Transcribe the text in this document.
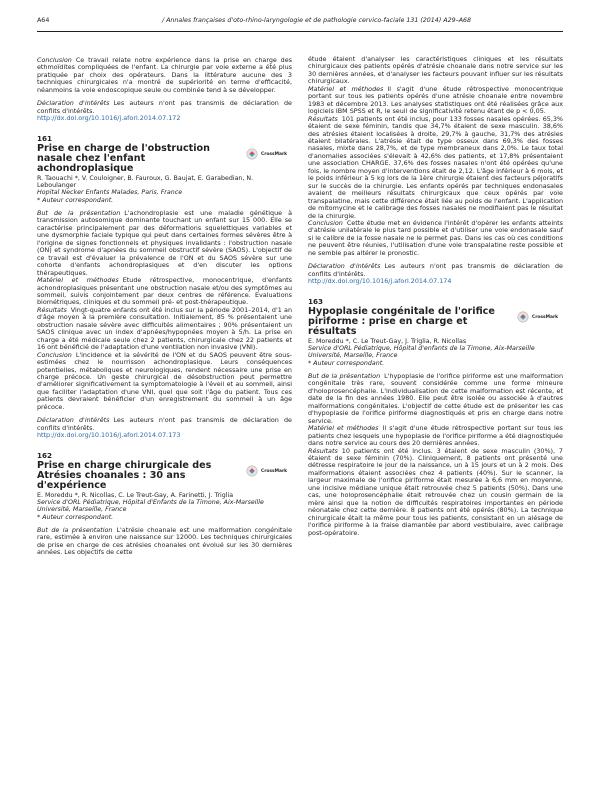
A64	/ Annales françaises d'oto-rhino-laryngologie et de pathologie cervico-faciale 131 (2014) A29–A68

Conclusion Ce travail relate notre expérience dans la prise en charge des ethmoïdites compliquées de l'enfant. La chirurgie par voie externe a été plus pratiquée par choix des opérateurs. Dans la littérature aucune des 3 techniques chirurgicales n'a montré de supériorité en terme d'efficacité, néanmoins la voie endoscopique seule ou combinée tend à se développer.

Déclaration d'intérêts Les auteurs n'ont pas transmis de déclaration de conflits d'intérêts.

http://dx.doi.org/10.1016/j.aforl.2014.07.172

161
Prise en charge de l'obstruction nasale chez l'enfant achondroplasique
CrossMark
R. Taouachi *, V. Couloigner, B. Fauroux, G. Baujat, E. Garabedian, N. Leboulanger
Hopital Necker Enfants Malades, Paris, France
* Auteur correspondant.

But de la présentation L'achondroplasie est une maladie génétique à transmission autosomique dominante touchant un enfant sur 15 000. Elle se caractérise principalement par des déformations squelettiques variables et une dysmorphie faciale typique qui peut dans certaines formes sévères être à l'origine de signes fonctionnels et physiques invalidants : l'obstruction nasale (ON) et syndrome d'apnées du sommeil obstructif sévère (SAOS). L'objectif de ce travail est d'évaluer la prévalence de l'ON et du SAOS sévère sur une cohorte d'enfants achondroplasiques et d'en discuter les options thérapeutiques.

Matériel et méthodes Etude rétrospective, monocentrique, d'enfants achondroplasiques présentant une obstruction nasale et/ou des symptômes au sommeil, suivis conjointement par deux centres de référence. Evaluations biométriques, cliniques et du sommeil pré- et post-thérapeutique.

Résultats Vingt-quatre enfants ont été inclus sur la période 2001–2014, d'1 an d'âge moyen à la première consultation. Initialement, 85 % présentaient une obstruction nasale sévère avec difficultés alimentaires ; 90% présentaient un SAOS clinique avec un index d'apnées/hypopnées moyen à 5/h. La prise en charge a été médicale seule chez 2 patients, chirurgicale chez 22 patients et 16 ont bénéficié de l'adaptation d'une ventilation non invasive (VNI).

Conclusion L'incidence et la sévérité de l'ON et du SAOS peuvent être sous-estimées chez le nourrisson achondroplasique. Leurs conséquences potentielles, métaboliques et neurologiques, rendent nécessaire une prise en charge précoce. Un geste chirurgical de désobstruction peut permettre d'améliorer significativement la symptomatologie à l'éveil et au sommeil, ainsi que faciliter l'adaptation d'une VNI, quel que soit l'âge du patient. Tous ces patients devraient bénéficier d'un enregistrement du sommeil à un âge précoce.

Déclaration d'intérêts Les auteurs n'ont pas transmis de déclaration de conflits d'intérêts.

http://dx.doi.org/10.1016/j.aforl.2014.07.173

162
Prise en charge chirurgicale des Atrésies choanales : 30 ans d'expérience
CrossMark
E. Moreddu *, R. Nicollas, C. Le Treut-Gay, A. Farinetti, J. Triglia
Service d'ORL Pédiatrique, Hôpital d'Enfants de la Timone, Aix-Marseille Université, Marseille, France
* Auteur correspondant.

But de la présentation L'atrésie choanale est une malformation congénitale rare, estimée à environ une naissance sur 12000. Les techniques chirurgicales de prise en charge de ces atrésies choanales ont évolué sur les 30 dernières années. Les objectifs de cette

étude étaient d'analyser les caractéristiques cliniques et les résultats chirurgicaux des patients opérés d'atrésie choanale dans notre service sur les 30 dernières années, et d'analyser les facteurs pouvant influer sur les résultats chirurgicaux.

Matériel et méthodes Il s'agit d'une étude rétrospective monocentrique portant sur tous les patients opérés d'une atrésie choanale entre novembre 1983 et décembre 2013. Les analyses statistiques ont été réalisées grâce aux logiciels IBM SPSS et R, le seuil de significativité retenu étant de p < 0,05.

Résultats 101 patients ont été inclus, pour 133 fosses nasales opérées. 65,3% étaient de sexe féminin, tandis que 34,7% étaient de sexe masculin. 38,6% des atrésies étaient localisées à droite, 29,7% à gauche, 31,7% des atrésies étaient bilatérales. L'atrésie était de type osseux dans 69,3% des fosses nasales, mixte dans 28,7%, et de type membraneux dans 2,0%. Le taux total d'anomalies associées s'élevait à 42,6% des patients, et 17,8% présentaient une association CHARGE. 37,6% des fosses nasales n'ont été opérées qu'une fois, le nombre moyen d'interventions était de 2,12. L'âge inférieur à 6 mois, et le poids inférieur à 5 kg lors de la 1ère chirurgie étaient des facteurs péjoratifs sur le succès de la chirurgie. Les enfants opérés par techniques endonasales avaient de meilleurs résultats chirurgicaux que ceux opérés par voie transpalatine, mais cette différence était liée au poids de l'enfant. L'application de mitomycine et le calibrage des fosses nasales ne modifiaient pas le résultat de la chirurgie.

Conclusion Cette étude met en évidence l'intérêt d'opérer les enfants atteints d'atrésie unilatérale le plus tard possible et d'utiliser une voie endonasale sauf si le calibre de la fosse nasale ne le permet pas. Dans les cas où ces conditions ne peuvent être réunies, l'utilisation d'une voie transpalatine reste possible et ne semble pas altérer le pronostic.

Déclaration d'intérêts Les auteurs n'ont pas transmis de déclaration de conflits d'intérêts.

http://dx.doi.org/10.1016/j.aforl.2014.07.174

163
Hypoplasie congénitale de l'orifice piriforme : prise en charge et résultats
CrossMark
E. Moreddu *, C. Le Treut-Gay, J. Triglia, R. Nicollas
Service d'ORL Pédiatrique, Hôpital d'enfants de la Timone, Aix-Marseille Université, Marseille, France
* Auteur correspondant.

But de la présentation L'hypoplasie de l'orifice piriforme est une malformation congénitale très rare, souvent considérée comme une forme mineure d'holoprosencéphalie. L'individualisation de cette malformation est récente, et date de la fin des années 1980. Elle peut être isolée ou associée à d'autres malformations congénitales. L'objectif de cette étude est de présenter les cas d'hypoplasie de l'orifice piriforme diagnostiqués et pris en charge dans notre service.

Matériel et méthodes Il s'agit d'une étude rétrospective portant sur tous les patients chez lesquels une hypoplasie de l'orifice piriforme a été diagnostiquée dans notre service au cours des 20 dernières années.

Résultats 10 patients ont été inclus. 3 étaient de sexe masculin (30%), 7 étaient de sexe féminin (70%). Cliniquement, 8 patients ont présenté une détresse respiratoire le jour de la naissance, un à 15 jours et un à 2 mois. Des malformations étaient associées chez 4 patients (40%). Sur le scanner, la largeur maximale de l'orifice piriforme était mesurée à 6,6 mm en moyenne, une incisive médiane unique était retrouvée chez 5 patients (50%). Dans une cas, une holoprosencéphalie était retrouvée chez un cousin germain de la mère ainsi que la notion de difficultés respiratoires importantes en période néonatale chez cette dernière. 8 patients ont été opérés (80%). La technique chirurgicale était la même pour tous les patients, consistant en un alésage de l'orifice piriforme à la fraise diamantée par abord vestibulaire, avec calibrage post-opératoire.
